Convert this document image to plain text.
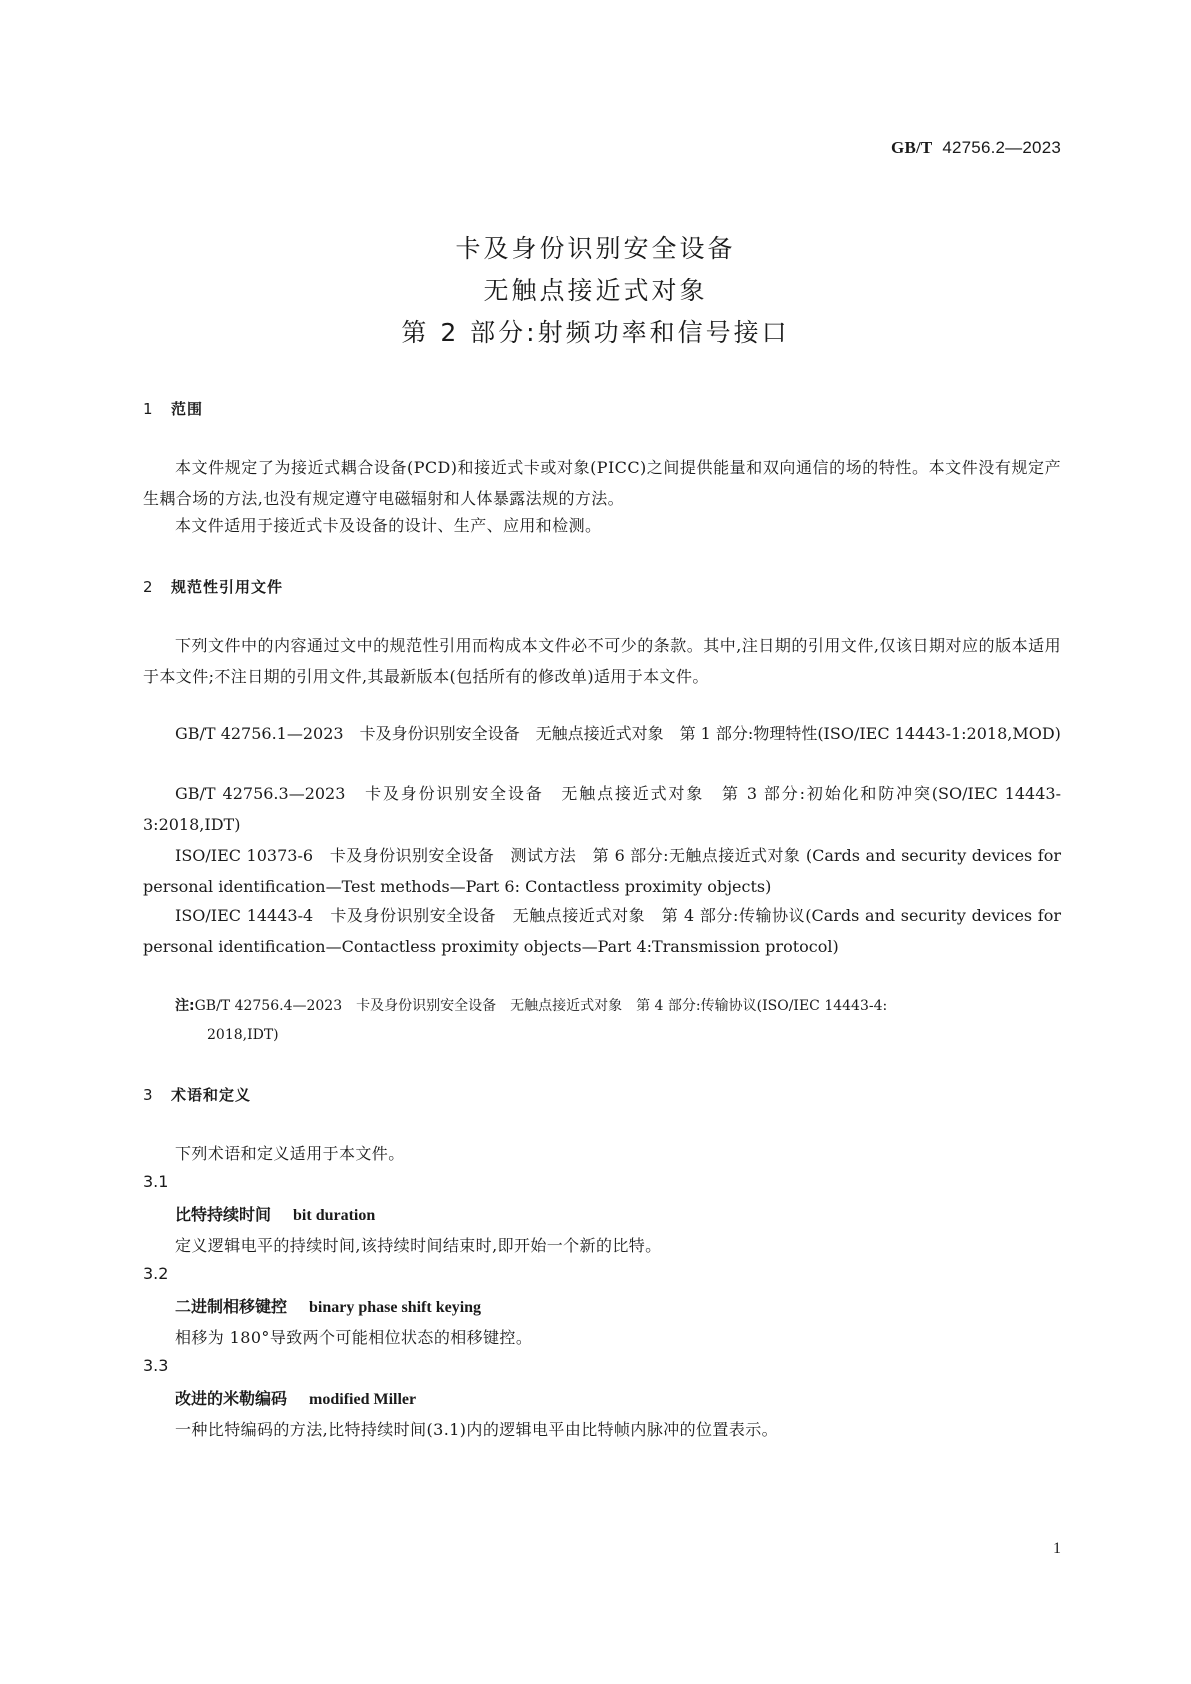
GB/T 42756.2—2023
卡及身份识别安全设备
无触点接近式对象
第 2 部分:射频功率和信号接口
1 范围
本文件规定了为接近式耦合设备(PCD)和接近式卡或对象(PICC)之间提供能量和双向通信的场的特性。本文件没有规定产生耦合场的方法,也没有规定遵守电磁辐射和人体暴露法规的方法。
本文件适用于接近式卡及设备的设计、生产、应用和检测。
2 规范性引用文件
下列文件中的内容通过文中的规范性引用而构成本文件必不可少的条款。其中,注日期的引用文件,仅该日期对应的版本适用于本文件;不注日期的引用文件,其最新版本(包括所有的修改单)适用于本文件。
GB/T 42756.1—2023　卡及身份识别安全设备　无触点接近式对象　第 1 部分:物理特性(ISO/IEC 14443-1:2018,MOD)
GB/T 42756.3—2023　卡及身份识别安全设备　无触点接近式对象　第 3 部分:初始化和防冲突(SO/IEC 14443-3:2018,IDT)
ISO/IEC 10373-6　卡及身份识别安全设备　测试方法　第 6 部分:无触点接近式对象 (Cards and security devices for personal identification—Test methods—Part 6: Contactless proximity objects)
ISO/IEC 14443-4　卡及身份识别安全设备　无触点接近式对象　第 4 部分:传输协议(Cards and security devices for personal identification—Contactless proximity objects—Part 4:Transmission protocol)
注:GB/T 42756.4—2023　卡及身份识别安全设备　无触点接近式对象　第 4 部分:传输协议(ISO/IEC 14443-4:
2018,IDT)
3 术语和定义
下列术语和定义适用于本文件。
3.1
比特持续时间 bit duration
定义逻辑电平的持续时间,该持续时间结束时,即开始一个新的比特。
3.2
二进制相移键控 binary phase shift keying
相移为 180°导致两个可能相位状态的相移键控。
3.3
改进的米勒编码 modified Miller
一种比特编码的方法,比特持续时间(3.1)内的逻辑电平由比特帧内脉冲的位置表示。
1
